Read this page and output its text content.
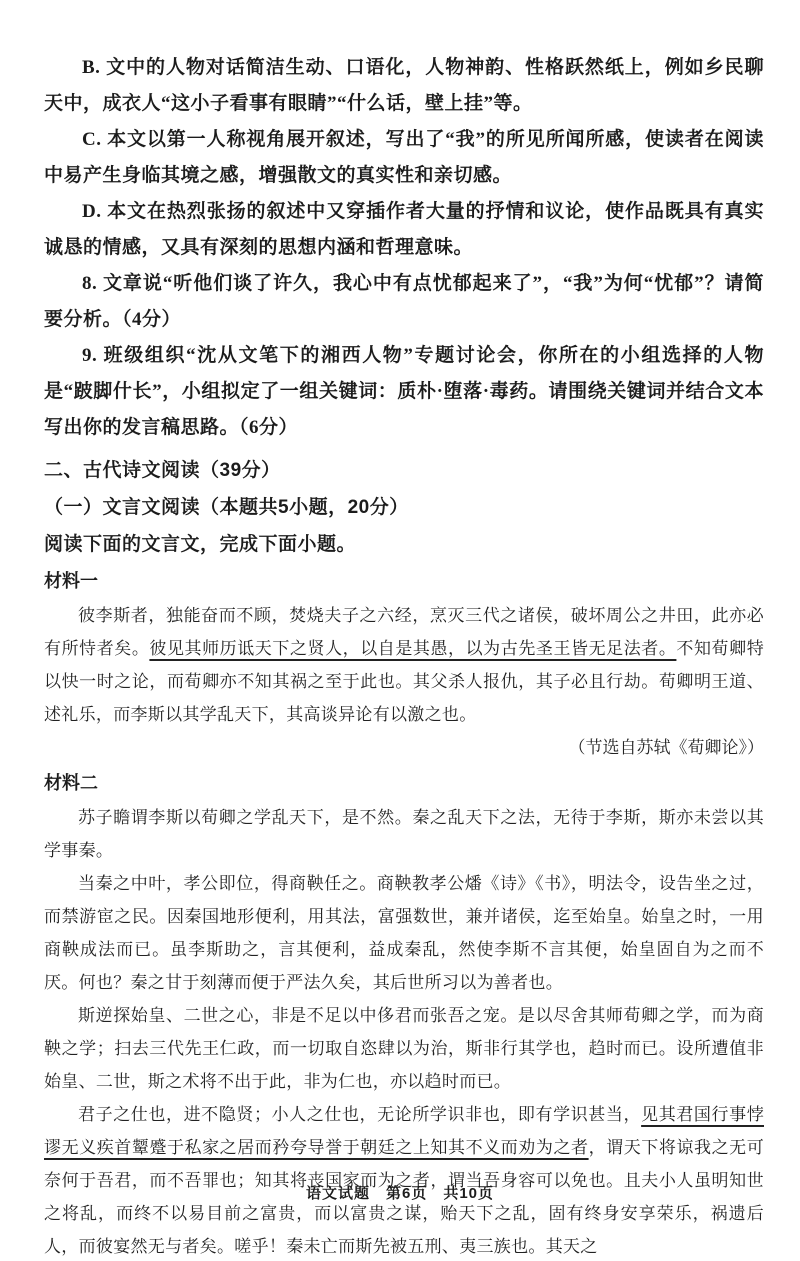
B. 文中的人物对话简洁生动、口语化，人物神韵、性格跃然纸上，例如乡民聊天中，成衣人“这小子看事有眼睛”“什么话，壁上挂”等。

C. 本文以第一人称视角展开叙述，写出了“我”的所见所闻所感，使读者在阅读中易产生身临其境之感，增强散文的真实性和亲切感。

D. 本文在热烈张扬的叙述中又穿插作者大量的抒情和议论，使作品既具有真实诚恳的情感，又具有深刻的思想内涵和哲理意味。

8. 文章说“听他们谈了许久，我心中有点忧郁起来了”，“我”为何“忧郁”？请简要分析。（4分）

9. 班级组织“沈从文笔下的湘西人物”专题讨论会，你所在的小组选择的人物是“跛脚什长”，小组拟定了一组关键词：质朴·堕落·毒药。请围绕关键词并结合文本写出你的发言稿思路。（6分）

二、古代诗文阅读（39分）

（一）文言文阅读（本题共5小题，20分）

阅读下面的文言文，完成下面小题。

材料一

彼李斯者，独能奋而不顾，焚烧夫子之六经，烹灭三代之诸侯，破坏周公之井田，此亦必有所恃者矣。彼见其师历诋天下之贤人，以自是其愚，以为古先圣王皆无足法者。不知荀卿特以快一时之论，而荀卿亦不知其祸之至于此也。其父杀人报仇，其子必且行劫。荀卿明王道、述礼乐，而李斯以其学乱天下，其高谈异论有以激之也。

（节选自苏轼《荀卿论》）

材料二

苏子瞻谓李斯以荀卿之学乱天下，是不然。秦之乱天下之法，无待于李斯，斯亦未尝以其学事秦。

当秦之中叶，孝公即位，得商鞅任之。商鞅教孝公燔《诗》《书》，明法令，设告坐之过，而禁游宦之民。因秦国地形便利，用其法，富强数世，兼并诸侯，迄至始皇。始皇之时，一用商鞅成法而已。虽李斯助之，言其便利，益成秦乱，然使李斯不言其便，始皇固自为之而不厌。何也？秦之甘于刻薄而便于严法久矣，其后世所习以为善者也。

斯逆探始皇、二世之心，非是不足以中侈君而张吾之宠。是以尽舍其师荀卿之学，而为商鞅之学；扫去三代先王仁政，而一切取自恣肆以为治，斯非行其学也，趋时而已。设所遭值非始皇、二世，斯之术将不出于此，非为仁也，亦以趋时而已。

君子之仕也，进不隐贤；小人之仕也，无论所学识非也，即有学识甚当，见其君国行事悖谬无义疾首颦蹙于私家之居而矜夸导誉于朝廷之上知其不义而劝为之者，谓天下将谅我之无可奈何于吾君，而不吾罪也；知其将丧国家而为之者，谓当吾身容可以免也。且夫小人虽明知世之将乱，而终不以易目前之富贵，而以富贵之谋，贻天下之乱，固有终身安享荣乐，祸遗后人，而彼宴然无与者矣。嗟乎！秦未亡而斯先被五刑、夷三族也。其天之

语文试题　第6页　共10页
